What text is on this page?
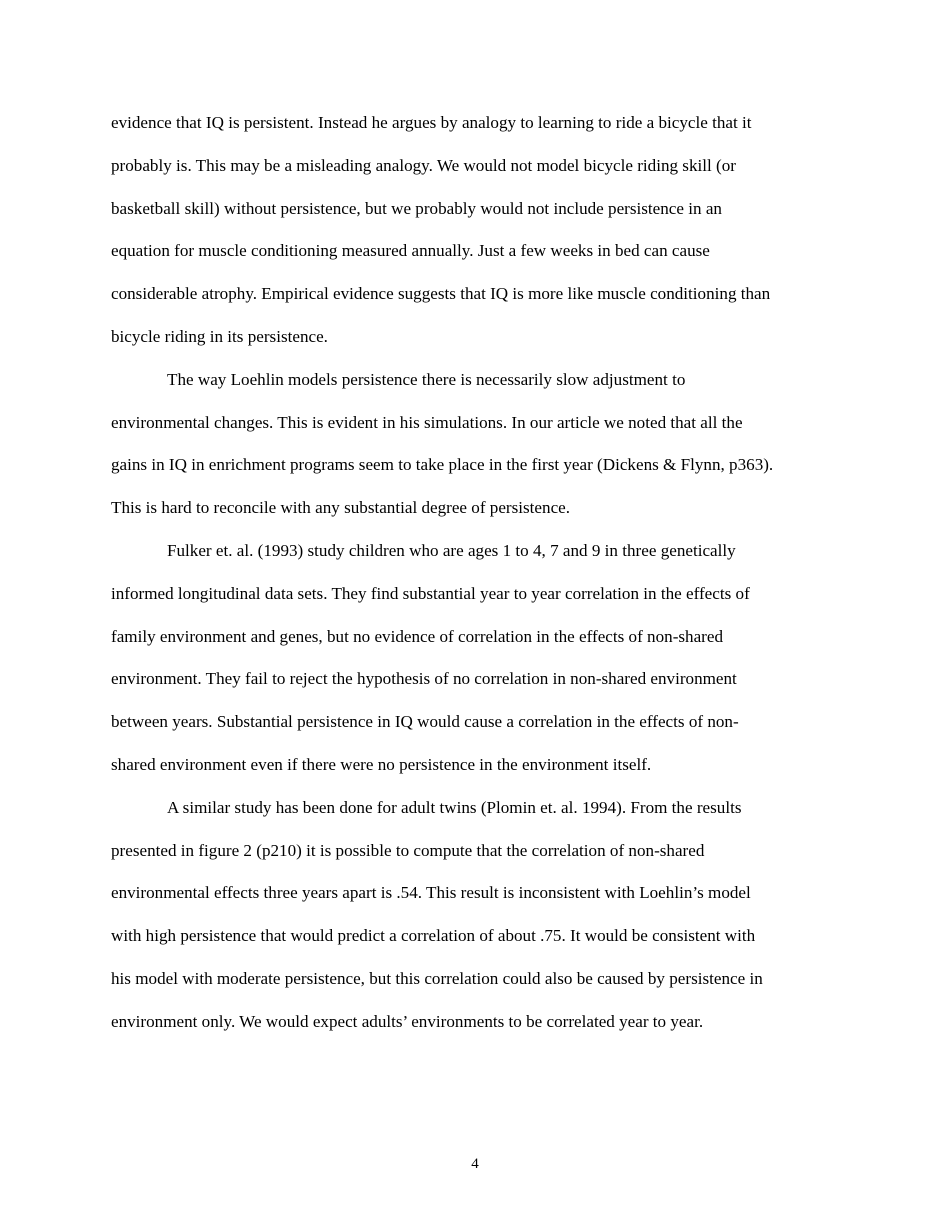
evidence that IQ is persistent. Instead he argues by analogy to learning to ride a bicycle that it
probably is. This may be a misleading analogy. We would not model bicycle riding skill (or
basketball skill) without persistence, but we probably would not include persistence in an
equation for muscle conditioning measured annually. Just a few weeks in bed can cause
considerable atrophy. Empirical evidence suggests that IQ is more like muscle conditioning than
bicycle riding in its persistence.
The way Loehlin models persistence there is necessarily slow adjustment to
environmental changes. This is evident in his simulations. In our article we noted that all the
gains in IQ in enrichment programs seem to take place in the first year (Dickens & Flynn, p363).
This is hard to reconcile with any substantial degree of persistence.
Fulker et. al. (1993) study children who are ages 1 to 4, 7 and 9 in three genetically
informed longitudinal data sets. They find substantial year to year correlation in the effects of
family environment and genes, but no evidence of correlation in the effects of non-shared
environment. They fail to reject the hypothesis of no correlation in non-shared environment
between years. Substantial persistence in IQ would cause a correlation in the effects of non-
shared environment even if there were no persistence in the environment itself.
A similar study has been done for adult twins (Plomin et. al. 1994). From the results
presented in figure 2 (p210) it is possible to compute that the correlation of non-shared
environmental effects three years apart is .54. This result is inconsistent with Loehlin’s model
with high persistence that would predict a correlation of about .75. It would be consistent with
his model with moderate persistence, but this correlation could also be caused by persistence in
environment only. We would expect adults’ environments to be correlated year to year.
4
